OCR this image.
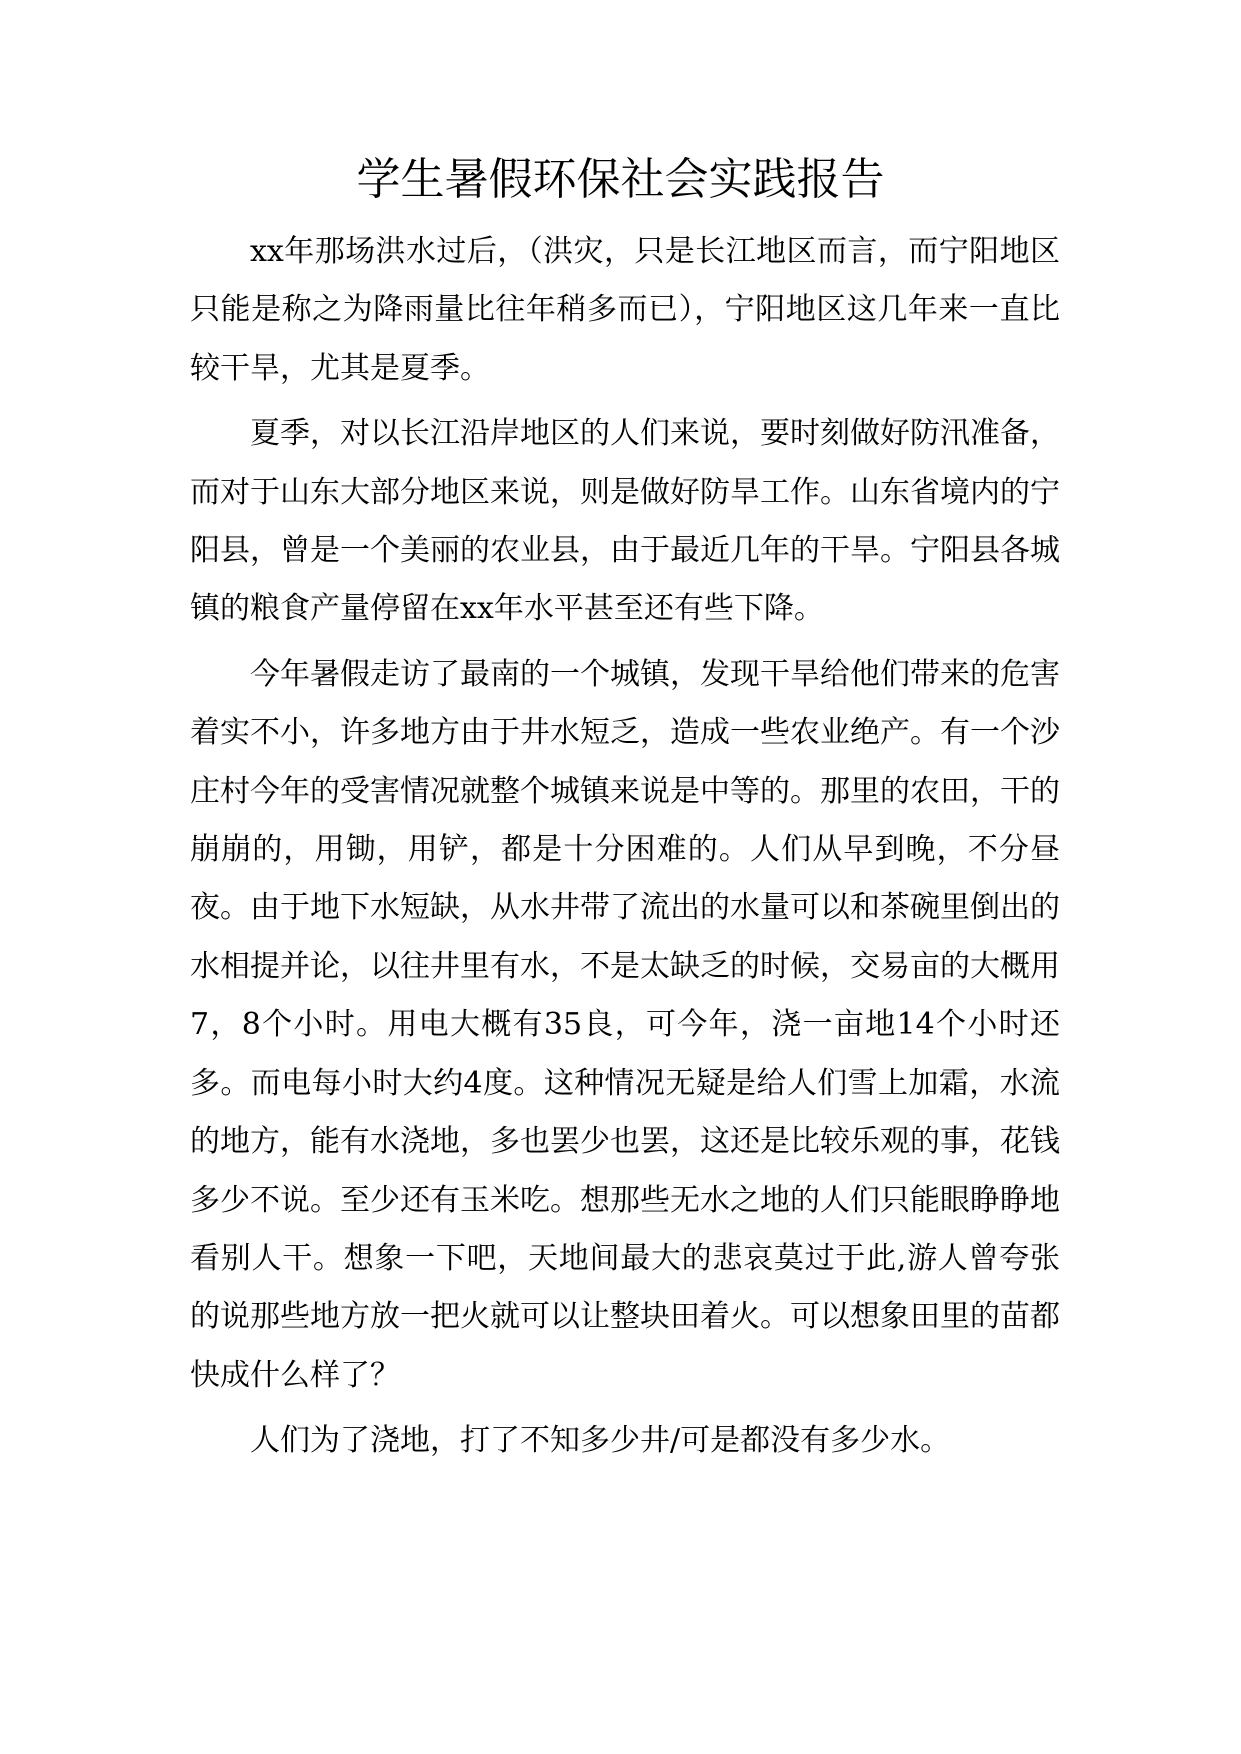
学生暑假环保社会实践报告

xx年那场洪水过后，（洪灾，只是长江地区而言，而宁阳地区只能是称之为降雨量比往年稍多而已），宁阳地区这几年来一直比较干旱，尤其是夏季。

夏季，对以长江沿岸地区的人们来说，要时刻做好防汛准备，而对于山东大部分地区来说，则是做好防旱工作。山东省境内的宁阳县，曾是一个美丽的农业县，由于最近几年的干旱。宁阳县各城镇的粮食产量停留在xx年水平甚至还有些下降。

今年暑假走访了最南的一个城镇，发现干旱给他们带来的危害着实不小，许多地方由于井水短乏，造成一些农业绝产。有一个沙庄村今年的受害情况就整个城镇来说是中等的。那里的农田，干的崩崩的，用锄，用铲，都是十分困难的。人们从早到晚，不分昼夜。由于地下水短缺，从水井带了流出的水量可以和茶碗里倒出的水相提并论，以往井里有水，不是太缺乏的时候，交易亩的大概用7，8个小时。用电大概有35良，可今年，浇一亩地14个小时还多。而电每小时大约4度。这种情况无疑是给人们雪上加霜，水流的地方，能有水浇地，多也罢少也罢，这还是比较乐观的事，花钱多少不说。至少还有玉米吃。想那些无水之地的人们只能眼睁睁地看别人干。想象一下吧，天地间最大的悲哀莫过于此,游人曾夸张的说那些地方放一把火就可以让整块田着火。可以想象田里的苗都快成什么样了？

人们为了浇地，打了不知多少井/可是都没有多少水。
